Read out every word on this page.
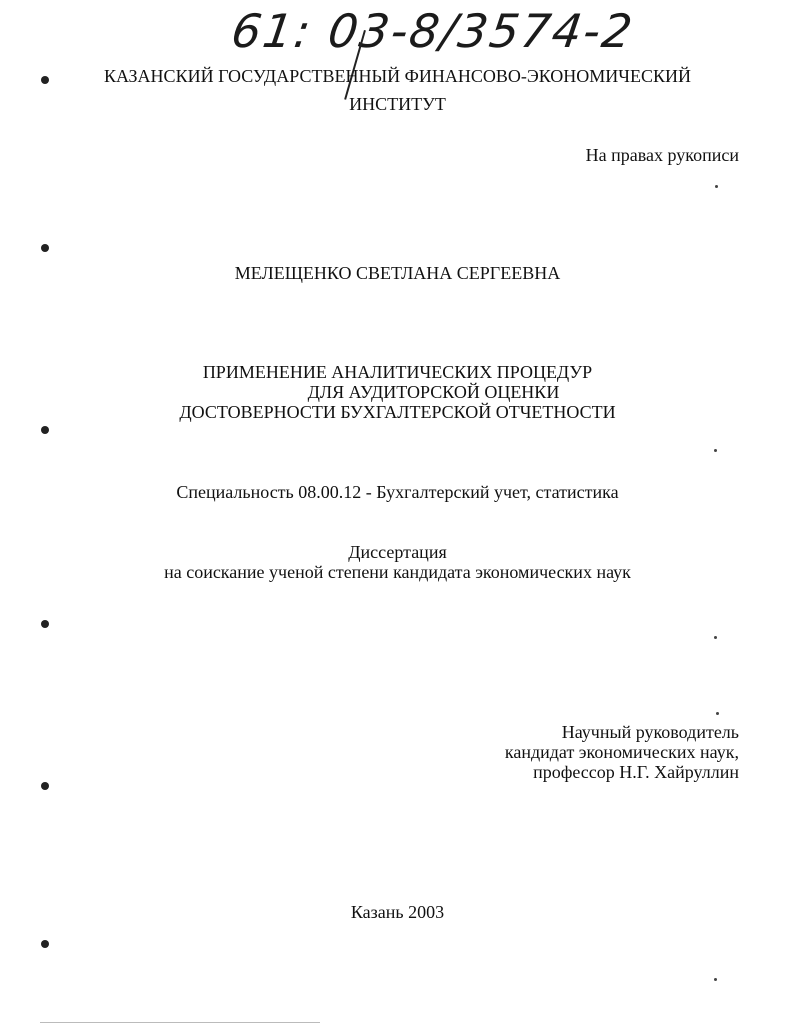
61: 03-8/3574-2
КАЗАНСКИЙ ГОСУДАРСТВЕННЫЙ ФИНАНСОВО-ЭКОНОМИЧЕСКИЙ
ИНСТИТУТ
На правах рукописи
МЕЛЕЩЕНКО СВЕТЛАНА СЕРГЕЕВНА
ПРИМЕНЕНИЕ АНАЛИТИЧЕСКИХ ПРОЦЕДУР
ДЛЯ АУДИТОРСКОЙ ОЦЕНКИ
ДОСТОВЕРНОСТИ БУХГАЛТЕРСКОЙ ОТЧЕТНОСТИ
Специальность 08.00.12 - Бухгалтерский учет, статистика
Диссертация
на соискание ученой степени кандидата экономических наук
Научный руководитель
кандидат экономических наук,
профессор Н.Г. Хайруллин
Казань 2003
